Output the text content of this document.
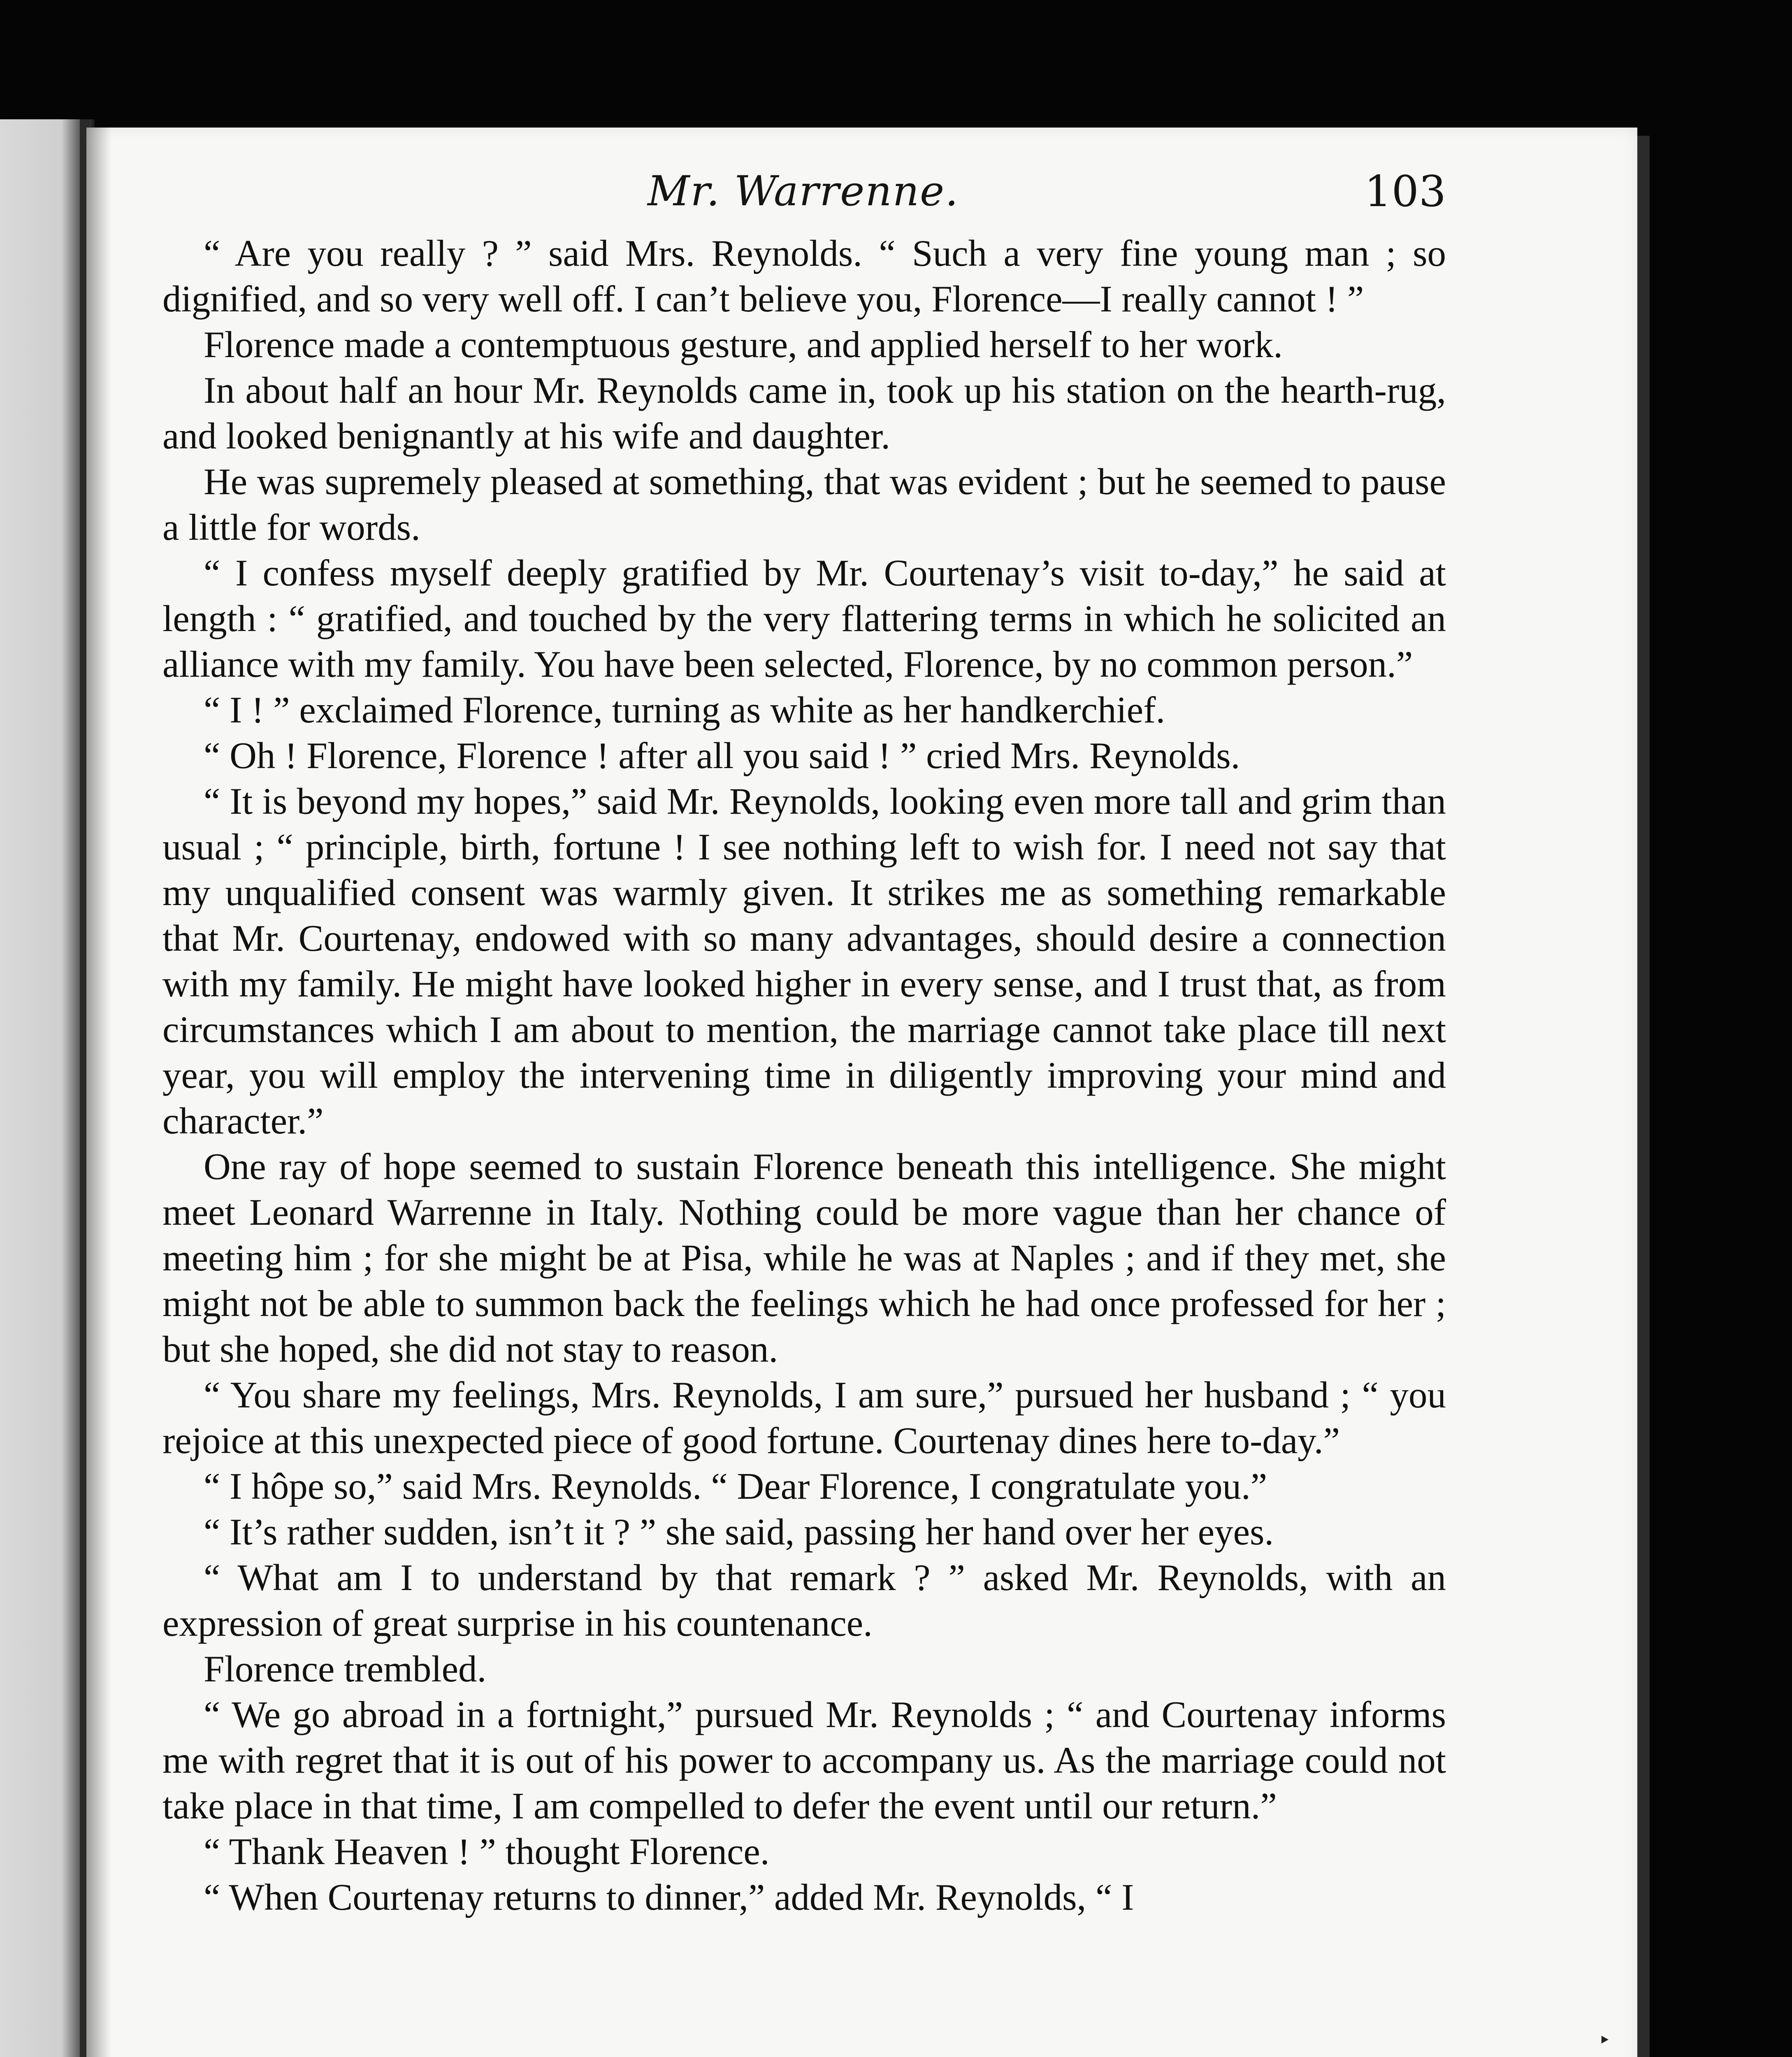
Mr. Warrenne.	103

“ Are you really ? ” said Mrs. Reynolds. “ Such a very fine young man ; so dignified, and so very well off. I can’t believe you, Florence—I really cannot ! ”

Florence made a contemptuous gesture, and applied herself to her work.

In about half an hour Mr. Reynolds came in, took up his station on the hearth-rug, and looked benignantly at his wife and daughter.

He was supremely pleased at something, that was evident ; but he seemed to pause a little for words.

“ I confess myself deeply gratified by Mr. Courtenay’s visit to-day,” he said at length : “ gratified, and touched by the very flattering terms in which he solicited an alliance with my family. You have been selected, Florence, by no common person.”

“ I ! ” exclaimed Florence, turning as white as her handkerchief.

“ Oh ! Florence, Florence ! after all you said ! ” cried Mrs. Reynolds.

“ It is beyond my hopes,” said Mr. Reynolds, looking even more tall and grim than usual ; “ principle, birth, fortune ! I see nothing left to wish for. I need not say that my unqualified consent was warmly given. It strikes me as something remarkable that Mr. Courtenay, endowed with so many advantages, should desire a connection with my family. He might have looked higher in every sense, and I trust that, as from circumstances which I am about to mention, the marriage cannot take place till next year, you will employ the intervening time in diligently improving your mind and character.”

One ray of hope seemed to sustain Florence beneath this intelligence. She might meet Leonard Warrenne in Italy. Nothing could be more vague than her chance of meeting him ; for she might be at Pisa, while he was at Naples ; and if they met, she might not be able to summon back the feelings which he had once professed for her ; but she hoped, she did not stay to reason.

“ You share my feelings, Mrs. Reynolds, I am sure,” pursued her husband ; “ you rejoice at this unexpected piece of good fortune. Courtenay dines here to-day.”

“ I hôpe so,” said Mrs. Reynolds. “ Dear Florence, I congratulate you.”

“ It’s rather sudden, isn’t it ? ” she said, passing her hand over her eyes.

“ What am I to understand by that remark ? ” asked Mr. Reynolds, with an expression of great surprise in his countenance.

Florence trembled.

“ We go abroad in a fortnight,” pursued Mr. Reynolds ; “ and Courtenay informs me with regret that it is out of his power to accompany us. As the marriage could not take place in that time, I am compelled to defer the event until our return.”

“ Thank Heaven ! ” thought Florence.

“ When Courtenay returns to dinner,” added Mr. Reynolds, “ I

‣
